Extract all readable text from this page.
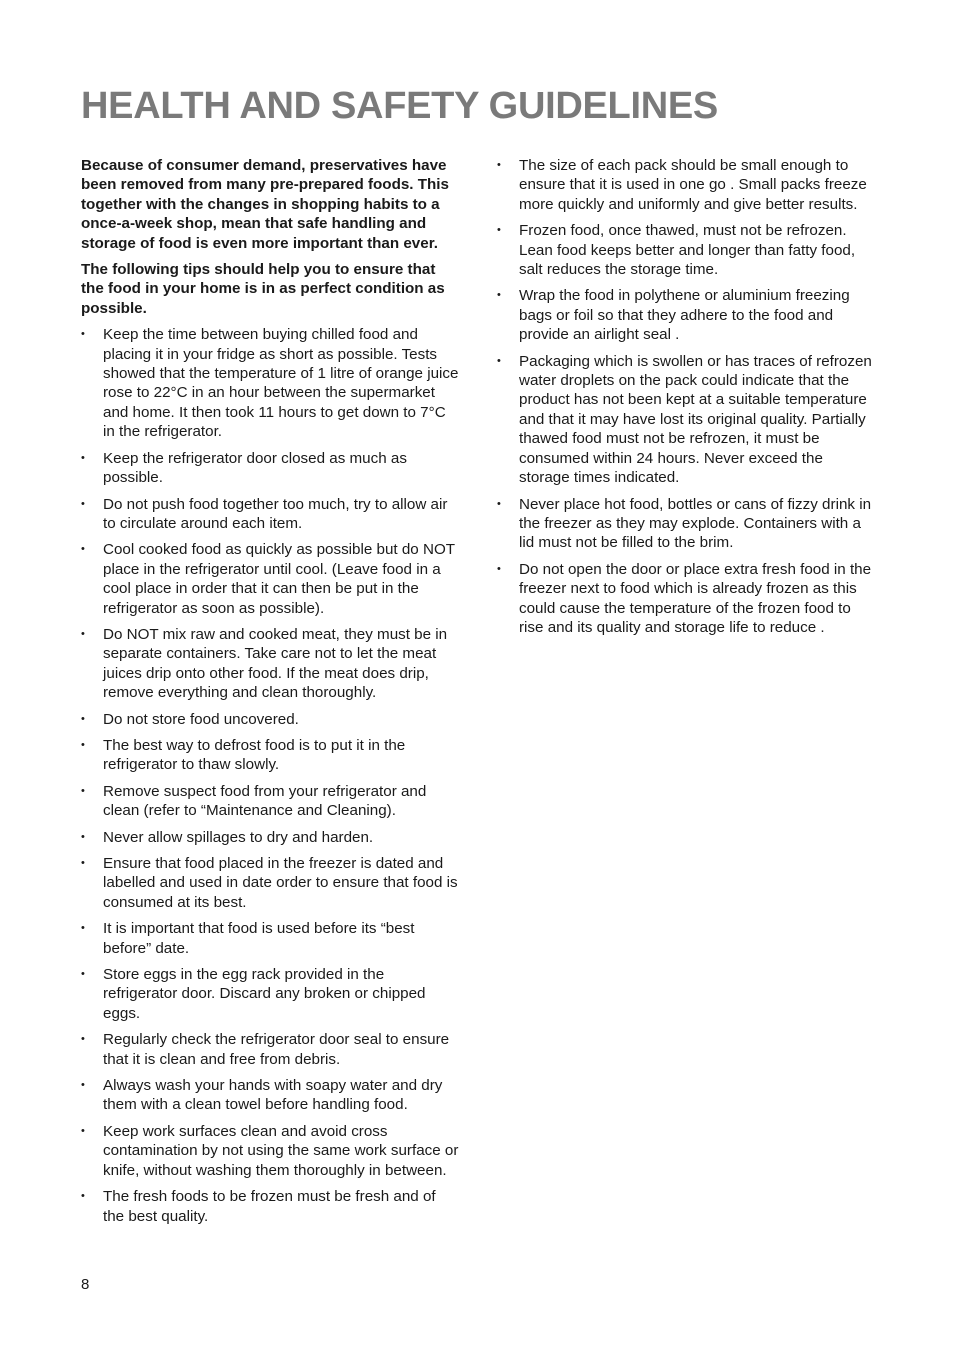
HEALTH AND SAFETY GUIDELINES

Because of consumer demand, preservatives have been removed from many pre-prepared foods. This together with the changes in shopping habits to a once-a-week shop, mean that safe handling and storage of food is even more important than ever.

The following tips should help you to ensure that the food in your home is in as perfect condition as possible.

•	Keep the time between buying chilled food and placing it in your fridge as short as possible. Tests showed that the temperature of 1 litre of orange juice rose to 22°C in an hour between the supermarket and home. It then took 11 hours to get down to 7°C in the refrigerator.
•	Keep the refrigerator door closed as much as possible.
•	Do not push food together too much, try to allow air to circulate around each item.
•	Cool cooked food as quickly as possible but do NOT place in the refrigerator until cool. (Leave food in a cool place in order that it can then be put in the refrigerator as soon as possible).
•	Do NOT mix raw and cooked meat, they must be in separate containers. Take care not to let the meat juices drip onto other food. If the meat does drip, remove everything and clean thoroughly.
•	Do not store food uncovered.
•	The best way to defrost food is to put it in the refrigerator to thaw slowly.
•	Remove suspect food from your refrigerator and clean (refer to “Maintenance and Cleaning).
•	Never allow spillages to dry and harden.
•	Ensure that food placed in the freezer is dated and labelled and used in date order to ensure that food is consumed at its best.
•	It is important that food is used before its “best before” date.
•	Store eggs in the egg rack provided in the refrigerator door. Discard any broken or chipped eggs.
•	Regularly check the refrigerator door seal to ensure that it is clean and free from debris.
•	Always wash your hands with soapy water and dry them with a clean towel before handling food.
•	Keep work surfaces clean and avoid cross contamination by not using the same work surface or knife, without washing them thoroughly in between.
•	The fresh foods to be frozen must be fresh and of the best quality.
•	The size of each pack should be small enough to ensure that it is used in one go . Small packs freeze more quickly and uniformly and give better results.
•	Frozen food, once thawed, must not be refrozen. Lean food keeps better and longer than fatty food, salt reduces the storage time.
•	Wrap the food in polythene or aluminium freezing bags or foil so that they adhere to the food and provide an airlight seal .
•	Packaging which is swollen or has traces of refrozen water droplets on the pack could indicate that the product has not been kept at a suitable temperature and that it may have lost its original quality. Partially thawed food must not be refrozen, it must be consumed within 24 hours. Never exceed the storage times indicated.
•	Never place hot food, bottles or cans of fizzy drink in the freezer as they may explode. Containers with a lid must not be filled to the brim.
•	Do not open the door or place extra fresh food in the freezer next to food which is already frozen as this could cause the temperature of the frozen food to rise and its quality and storage life to reduce .
8
